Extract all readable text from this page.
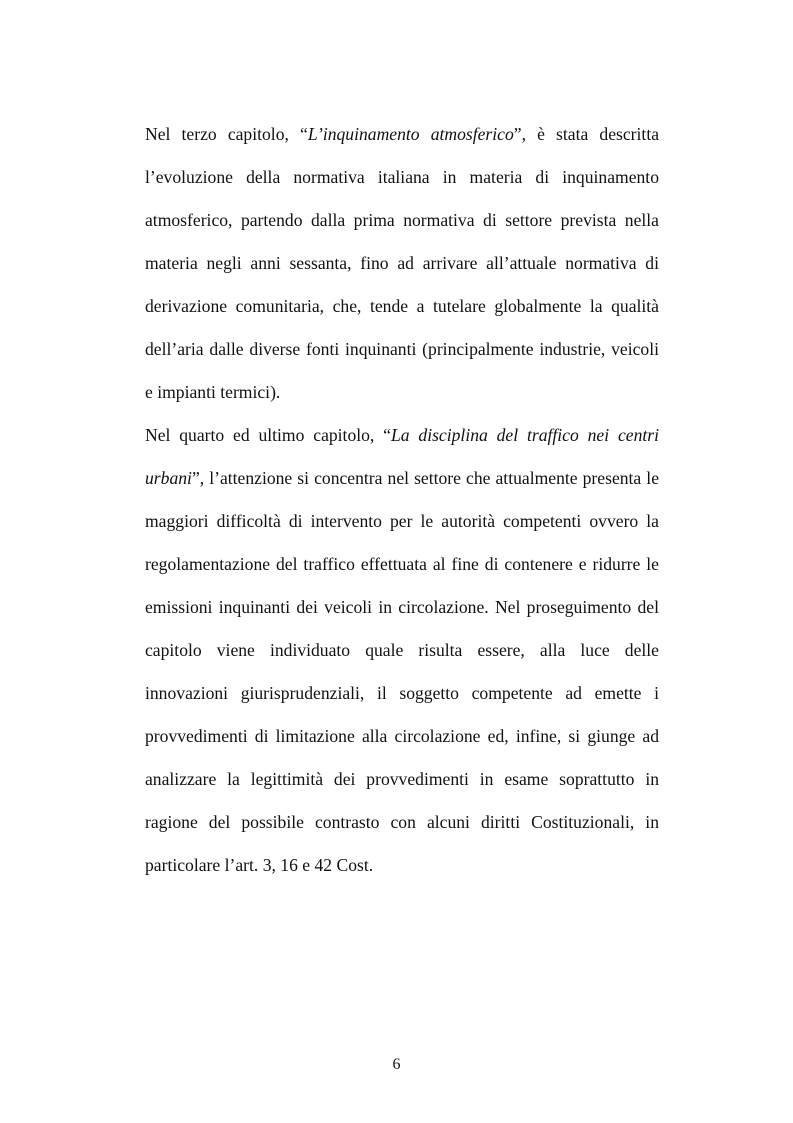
Nel terzo capitolo, “L’inquinamento atmosferico”, è stata descritta l’evoluzione della normativa italiana in materia di inquinamento atmosferico, partendo dalla prima normativa di settore prevista nella materia negli anni sessanta, fino ad arrivare all’attuale normativa di derivazione comunitaria, che, tende a tutelare globalmente la qualità dell’aria dalle diverse fonti inquinanti (principalmente industrie, veicoli e impianti termici).

Nel quarto ed ultimo capitolo, “La disciplina del traffico nei centri urbani”, l’attenzione si concentra nel settore che attualmente presenta le maggiori difficoltà di intervento per le autorità competenti ovvero la regolamentazione del traffico effettuata al fine di contenere e ridurre le emissioni inquinanti dei veicoli in circolazione. Nel proseguimento del capitolo viene individuato quale risulta essere, alla luce delle innovazioni giurisprudenziali, il soggetto competente ad emette i provvedimenti di limitazione alla circolazione ed, infine, si giunge ad analizzare la legittimità dei provvedimenti in esame soprattutto in ragione del possibile contrasto con alcuni diritti Costituzionali, in particolare l’art. 3, 16 e 42 Cost.

6
